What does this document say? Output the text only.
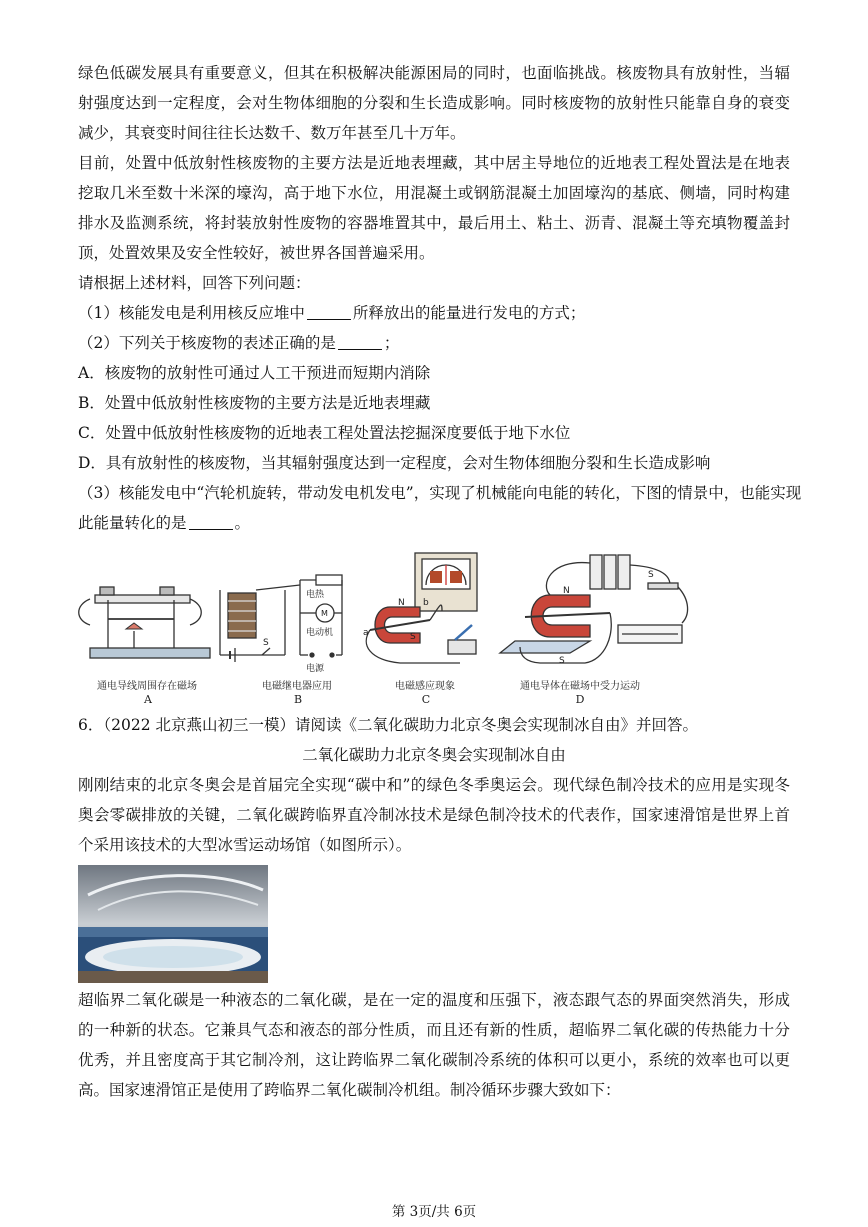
绿色低碳发展具有重要意义，但其在积极解决能源困局的同时，也面临挑战。核废物具有放射性，当辐射强度达到一定程度，会对生物体细胞的分裂和生长造成影响。同时核废物的放射性只能靠自身的衰变减少，其衰变时间往往长达数千、数万年甚至几十万年。

目前，处置中低放射性核废物的主要方法是近地表埋藏，其中居主导地位的近地表工程处置法是在地表挖取几米至数十米深的壕沟，高于地下水位，用混凝土或钢筋混凝土加固壕沟的基底、侧墙，同时构建排水及监测系统，将封装放射性废物的容器堆置其中，最后用土、粘土、沥青、混凝土等充填物覆盖封顶，处置效果及安全性较好，被世界各国普遍采用。

请根据上述材料，回答下列问题：

（1）核能发电是利用核反应堆中	所释放出的能量进行发电的方式；

（2）下列关于核废物的表述正确的是	；

A．核废物的放射性可通过人工干预进而短期内消除

B．处置中低放射性核废物的主要方法是近地表埋藏

C．处置中低放射性核废物的近地表工程处置法挖掘深度要低于地下水位

D．具有放射性的核废物，当其辐射强度达到一定程度，会对生物体细胞分裂和生长造成影响

（3）核能发电中“汽轮机旋转，带动发电机发电”，实现了机械能向电能的转化，下图的情景中，也能实现

此能量转化的是	。

电热
M
电动机
电源
S
N
S
a
b
N
S
S
通电导线周围存在磁场
A
电磁继电器应用
B
电磁感应现象
C
通电导体在磁场中受力运动
D

6．（2022 北京燕山初三一模）请阅读《二氧化碳助力北京冬奥会实现制冰自由》并回答。

二氧化碳助力北京冬奥会实现制冰自由

刚刚结束的北京冬奥会是首届完全实现“碳中和”的绿色冬季奥运会。现代绿色制冷技术的应用是实现冬奥会零碳排放的关键，二氧化碳跨临界直冷制冰技术是绿色制冷技术的代表作，国家速滑馆是世界上首个采用该技术的大型冰雪运动场馆（如图所示）。

超临界二氧化碳是一种液态的二氧化碳，是在一定的温度和压强下，液态跟气态的界面突然消失，形成的一种新的状态。它兼具气态和液态的部分性质，而且还有新的性质，超临界二氧化碳的传热能力十分优秀，并且密度高于其它制冷剂，这让跨临界二氧化碳制冷系统的体积可以更小，系统的效率也可以更高。国家速滑馆正是使用了跨临界二氧化碳制冷机组。制冷循环步骤大致如下：

第 3页/共 6页
